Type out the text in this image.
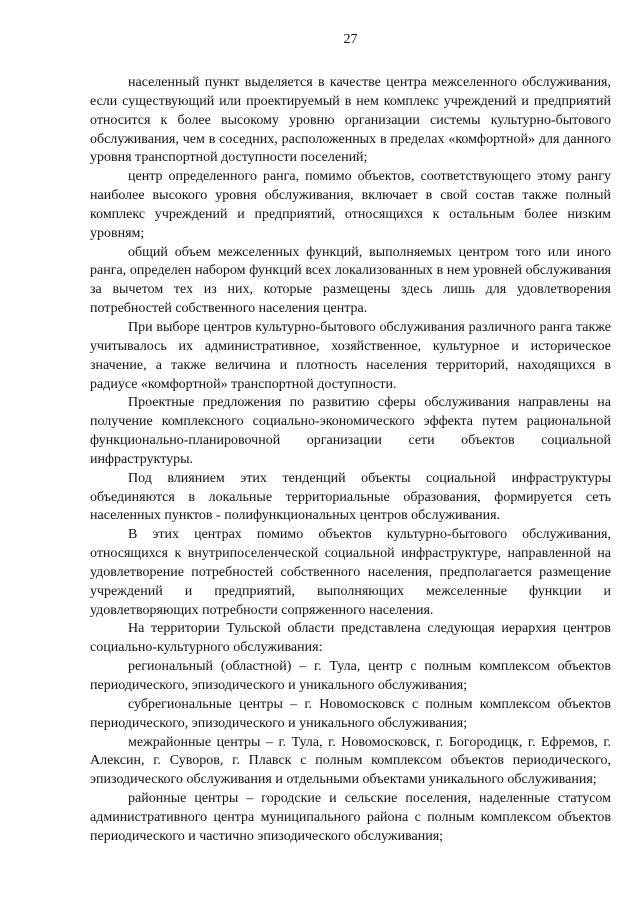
27

населенный пункт выделяется в качестве центра межселенного обслуживания, если существующий или проектируемый в нем комплекс учреждений и предприятий относится к более высокому уровню организации системы культурно-бытового обслуживания, чем в соседних, расположенных в пределах «комфортной» для данного уровня транспортной доступности поселений;

центр определенного ранга, помимо объектов, соответствующего этому рангу наиболее высокого уровня обслуживания, включает в свой состав также полный комплекс учреждений и предприятий, относящихся к остальным более низким уровням;

общий объем межселенных функций, выполняемых центром того или иного ранга, определен набором функций всех локализованных в нем уровней обслуживания за вычетом тех из них, которые размещены здесь лишь для удовлетворения потребностей собственного населения центра.

При выборе центров культурно-бытового обслуживания различного ранга также учитывалось их административное, хозяйственное, культурное и историческое значение, а также величина и плотность населения территорий, находящихся в радиусе «комфортной» транспортной доступности.

Проектные предложения по развитию сферы обслуживания направлены на получение комплексного социально-экономического эффекта путем рациональной функционально-планировочной организации сети объектов социальной инфраструктуры.

Под влиянием этих тенденций объекты социальной инфраструктуры объединяются в локальные территориальные образования, формируется сеть населенных пунктов - полифункциональных центров обслуживания.

В этих центрах помимо объектов культурно-бытового обслуживания, относящихся к внутрипоселенческой социальной инфраструктуре, направленной на удовлетворение потребностей собственного населения, предполагается размещение учреждений и предприятий, выполняющих межселенные функции и удовлетворяющих потребности сопряженного населения.

На территории Тульской области представлена следующая иерархия центров социально-культурного обслуживания:

региональный (областной) – г. Тула, центр с полным комплексом объектов периодического, эпизодического и уникального обслуживания;

субрегиональные центры – г. Новомосковск с полным комплексом объектов периодического, эпизодического и уникального обслуживания;

межрайонные центры – г. Тула, г. Новомосковск, г. Богородицк, г. Ефремов, г. Алексин, г. Суворов, г. Плавск с полным комплексом объектов периодического, эпизодического обслуживания и отдельными объектами уникального обслуживания;

районные центры – городские и сельские поселения, наделенные статусом административного центра муниципального района с полным комплексом объектов периодического и частично эпизодического обслуживания;
